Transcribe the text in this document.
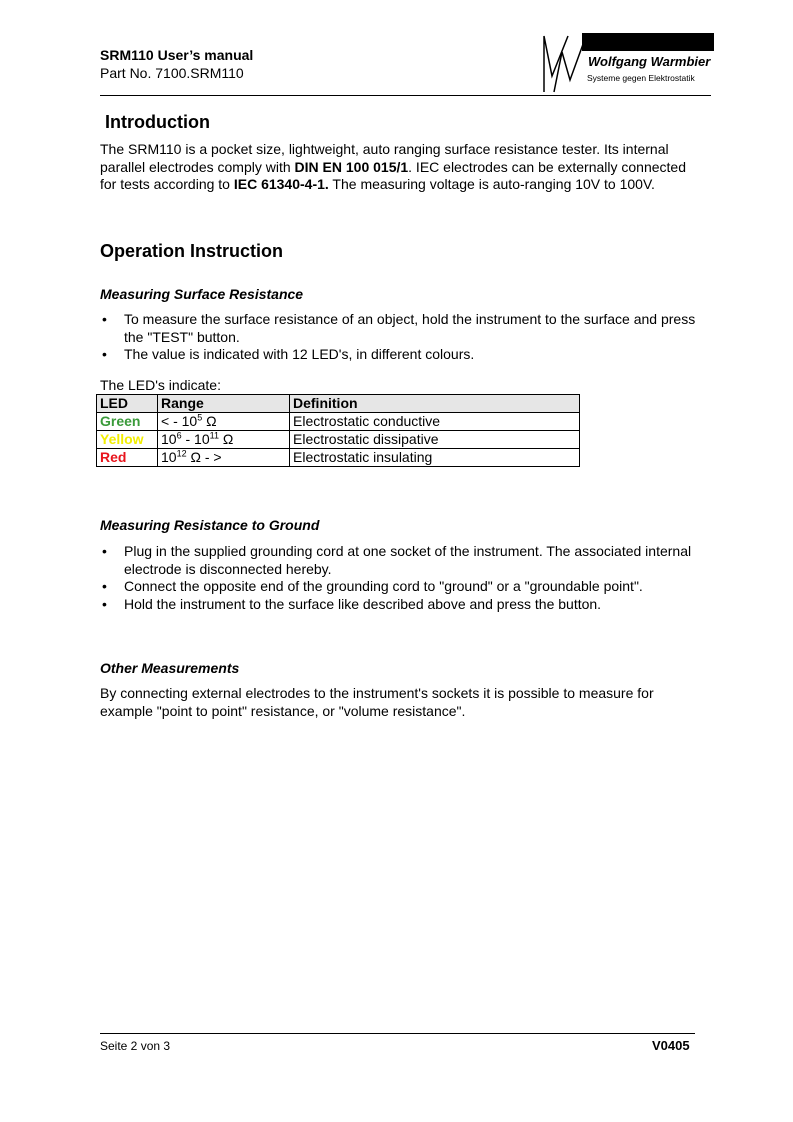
SRM110 User’s manual
Part No. 7100.SRM110
Wolfgang Warmbier
Systeme gegen Elektrostatik
Introduction
The SRM110 is a pocket size, lightweight, auto ranging surface resistance tester. Its internal parallel electrodes comply with DIN EN 100 015/1. IEC electrodes can be externally connected for tests according to IEC 61340-4-1. The measuring voltage is auto-ranging 10V to 100V.
Operation Instruction

Measuring Surface Resistance

• To measure the surface resistance of an object, hold the instrument to the surface and press the "TEST" button.
• The value is indicated with 12 LED's, in different colours.
The LED's indicate:
LED	Range	Definition
Green	< - $10^5$ Ω	Electrostatic conductive
Yellow	$10^6 - 10^{11}$ Ω	Electrostatic dissipative
Red	$10^{12}$ Ω - >	Electrostatic insulating

Measuring Resistance to Ground

• Plug in the supplied grounding cord at one socket of the instrument. The associated internal electrode is disconnected hereby.
• Connect the opposite end of the grounding cord to "ground" or a "groundable point".
• Hold the instrument to the surface like described above and press the button.

Other Measurements

By connecting external electrodes to the instrument's sockets it is possible to measure for example "point to point" resistance, or "volume resistance".
Seite 2 von 3	V0405
